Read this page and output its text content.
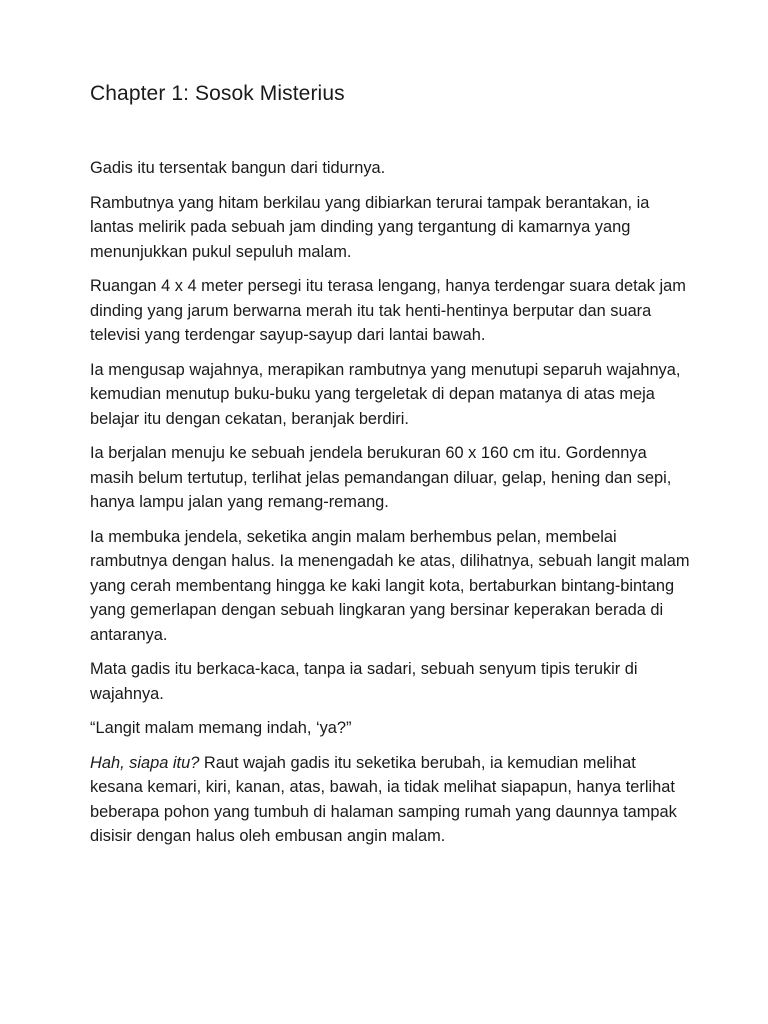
Chapter 1: Sosok Misterius

Gadis itu tersentak bangun dari tidurnya.

Rambutnya yang hitam berkilau yang dibiarkan terurai tampak berantakan, ia lantas melirik pada sebuah jam dinding yang tergantung di kamarnya yang menunjukkan pukul sepuluh malam.

Ruangan 4 x 4 meter persegi itu terasa lengang, hanya terdengar suara detak jam dinding yang jarum berwarna merah itu tak henti-hentinya berputar dan suara televisi yang terdengar sayup-sayup dari lantai bawah.

Ia mengusap wajahnya, merapikan rambutnya yang menutupi separuh wajahnya, kemudian menutup buku-buku yang tergeletak di depan matanya di atas meja belajar itu dengan cekatan, beranjak berdiri.

Ia berjalan menuju ke sebuah jendela berukuran 60 x 160 cm itu. Gordennya masih belum tertutup, terlihat jelas pemandangan diluar, gelap, hening dan sepi, hanya lampu jalan yang remang-remang.

Ia membuka jendela, seketika angin malam berhembus pelan, membelai rambutnya dengan halus. Ia menengadah ke atas, dilihatnya, sebuah langit malam yang cerah membentang hingga ke kaki langit kota, bertaburkan bintang-bintang yang gemerlapan dengan sebuah lingkaran yang bersinar keperakan berada di antaranya.

Mata gadis itu berkaca-kaca, tanpa ia sadari, sebuah senyum tipis terukir di wajahnya.

“Langit malam memang indah, ‘ya?”

Hah, siapa itu? Raut wajah gadis itu seketika berubah, ia kemudian melihat kesana kemari, kiri, kanan, atas, bawah, ia tidak melihat siapapun, hanya terlihat beberapa pohon yang tumbuh di halaman samping rumah yang daunnya tampak disisir dengan halus oleh embusan angin malam.
